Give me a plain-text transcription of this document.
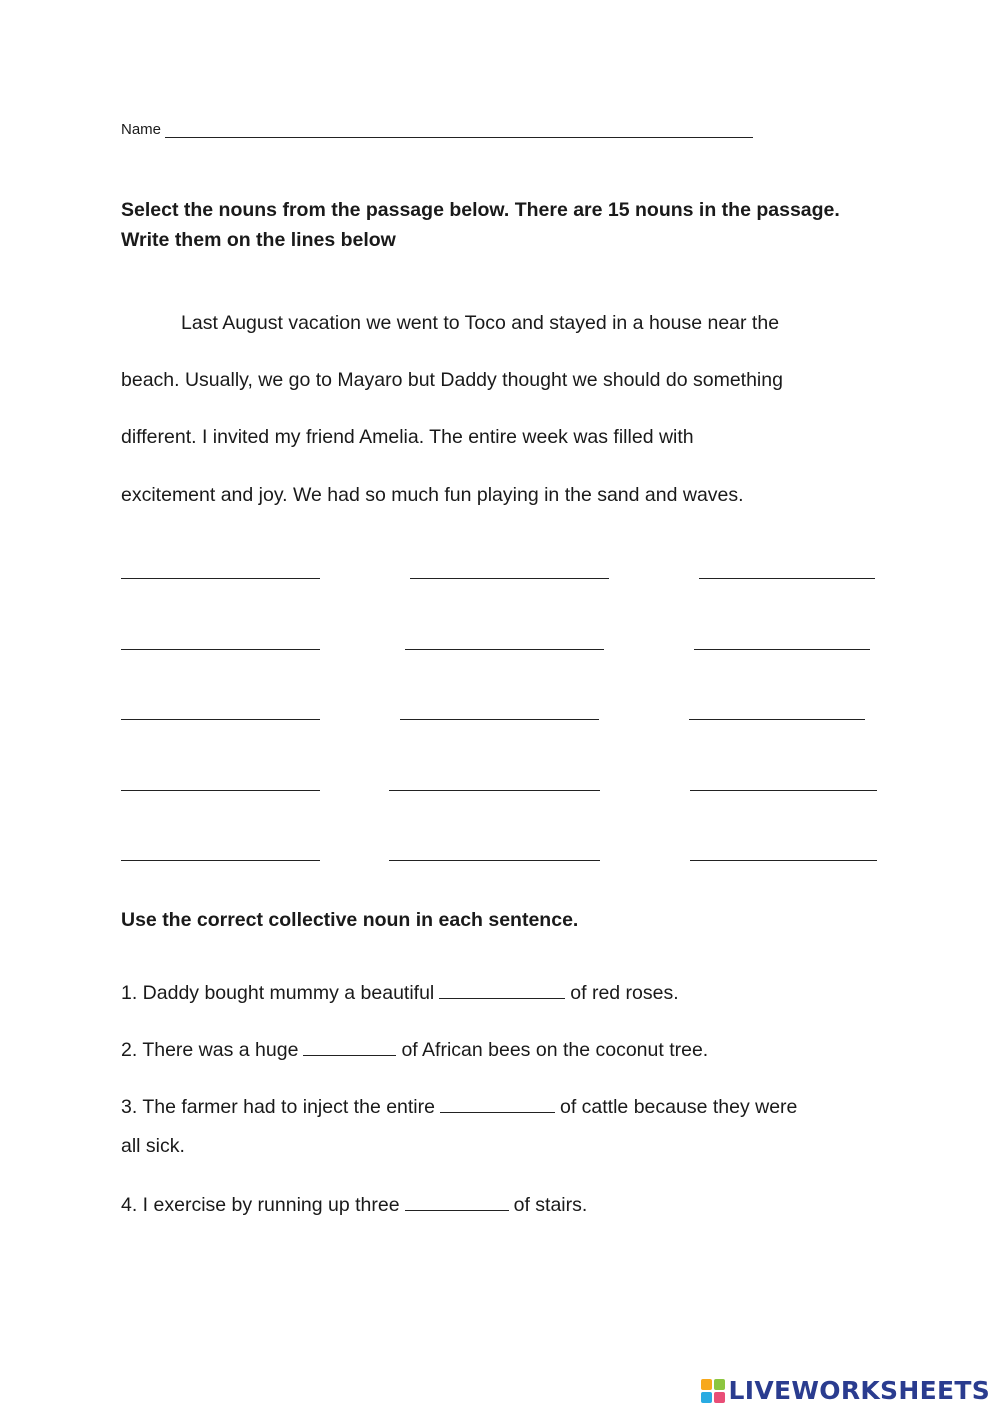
Name
Select the nouns from the passage below. There are 15 nouns in the passage.
Write them on the lines below
Last August vacation we went to Toco and stayed in a house near the
beach. Usually, we go to Mayaro but Daddy thought we should do something
different. I invited my friend Amelia. The entire week was filled with
excitement and joy. We had so much fun playing in the sand and waves.
Use the correct collective noun in each sentence.
1. Daddy bought mummy a beautiful	of red roses.
2. There was a huge	of African bees on the coconut tree.
3. The farmer had to inject the entire	of cattle because they were
all sick.
4. I exercise by running up three	of stairs.
LIVEWORKSHEETS
